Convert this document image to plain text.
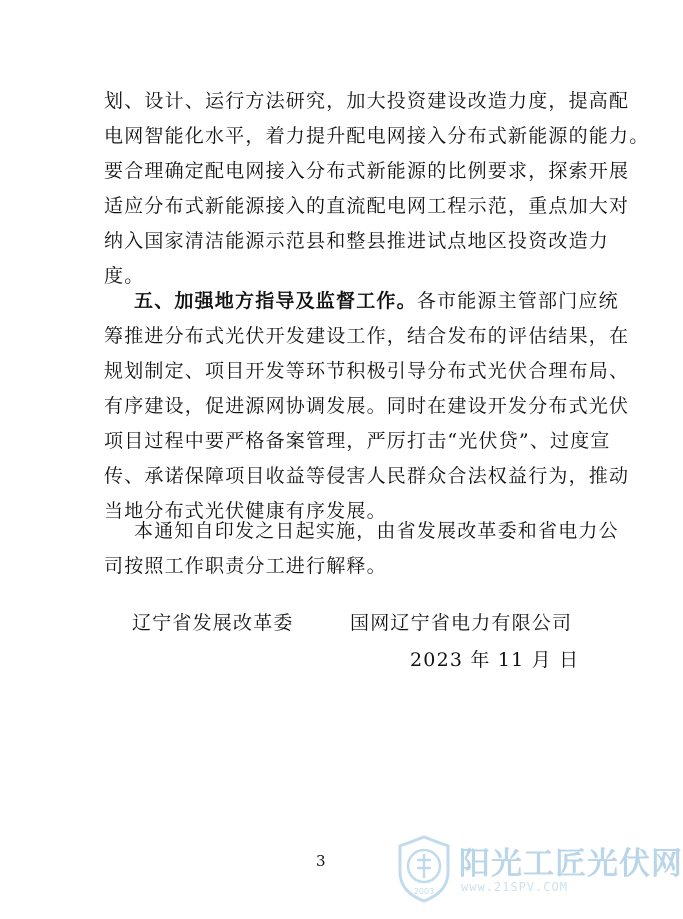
划、设计、运行方法研究，加大投资建设改造力度，提高配
电网智能化水平，着力提升配电网接入分布式新能源的能力。
要合理确定配电网接入分布式新能源的比例要求，探索开展
适应分布式新能源接入的直流配电网工程示范，重点加大对
纳入国家清洁能源示范县和整县推进试点地区投资改造力
度。
五、加强地方指导及监督工作。各市能源主管部门应统
筹推进分布式光伏开发建设工作，结合发布的评估结果，在
规划制定、项目开发等环节积极引导分布式光伏合理布局、
有序建设，促进源网协调发展。同时在建设开发分布式光伏
项目过程中要严格备案管理，严厉打击“光伏贷”、过度宣
传、承诺保障项目收益等侵害人民群众合法权益行为，推动
当地分布式光伏健康有序发展。
本通知自印发之日起实施，由省发展改革委和省电力公
司按照工作职责分工进行解释。
辽宁省发展改革委	国网辽宁省电力有限公司
2023 年 11 月 日
3
2003
阳光工匠光伏网
www.21SPV.COM
